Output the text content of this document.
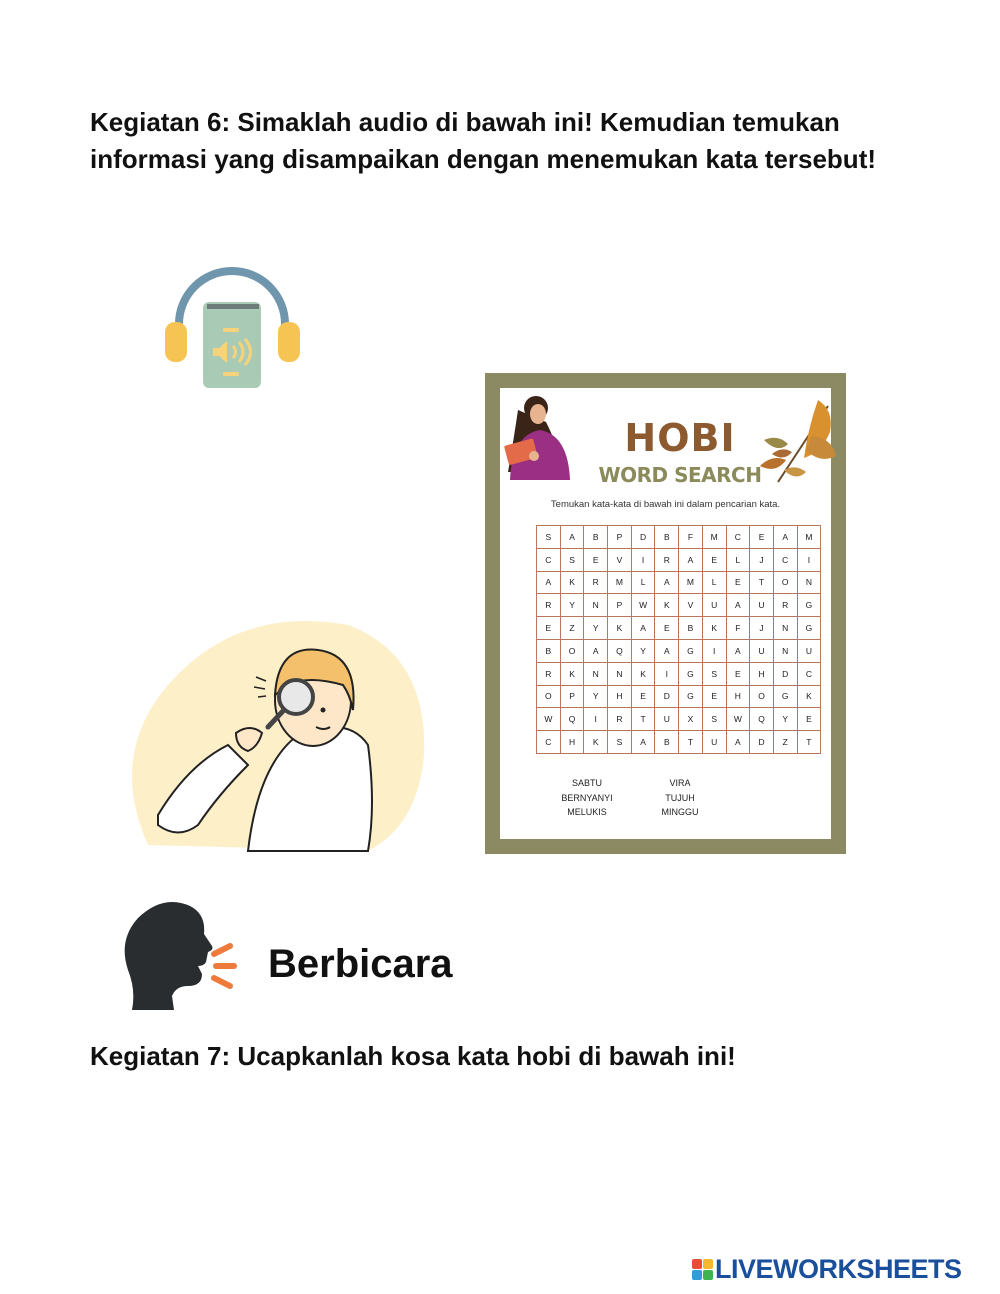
Kegiatan 6: Simaklah audio di bawah ini! Kemudian temukan informasi yang disampaikan dengan menemukan kata tersebut!

HOBI
WORD SEARCH
Temukan kata-kata di bawah ini dalam pencarian kata.
S	A	B	P	D	B	F	M	C	E	A	M
C	S	E	V	I	R	A	E	L	J	C	I
A	K	R	M	L	A	M	L	E	T	O	N
R	Y	N	P	W	K	V	U	A	U	R	G
E	Z	Y	K	A	E	B	K	F	J	N	G
B	O	A	Q	Y	A	G	I	A	U	N	U
R	K	N	N	K	I	G	S	E	H	D	C
O	P	Y	H	E	D	G	E	H	O	G	K
W	Q	I	R	T	U	X	S	W	Q	Y	E
C	H	K	S	A	B	T	U	A	D	Z	T
SABTU
BERNYANYI
MELUKIS
VIRA
TUJUH
MINGGU
Berbicara

Kegiatan 7: Ucapkanlah kosa kata hobi di bawah ini!

LIVEWORKSHEETS
